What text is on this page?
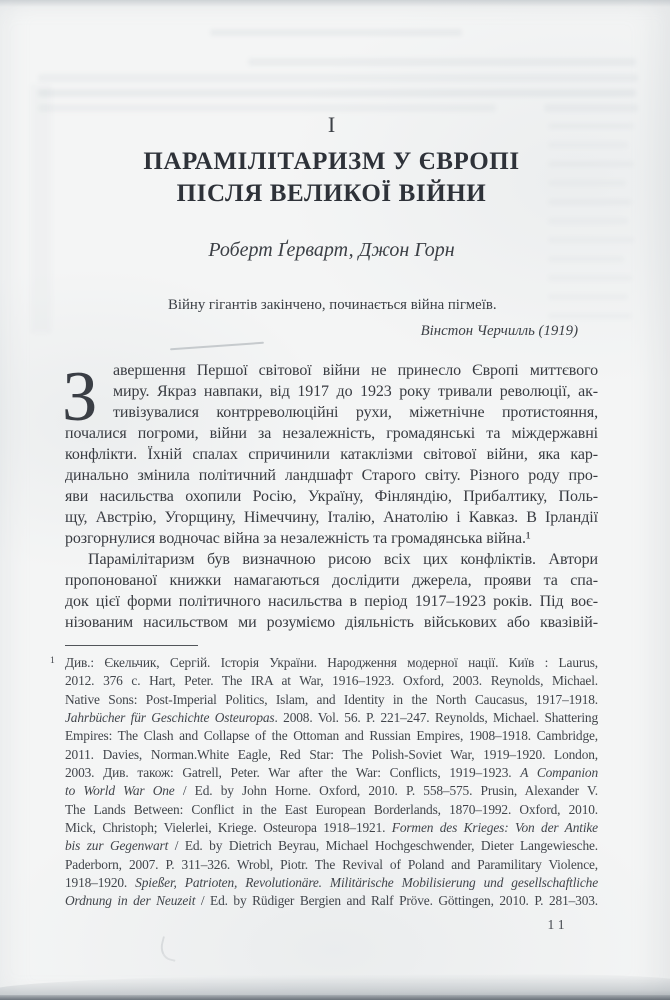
I
ПАРАМІЛІТАРИЗМ У ЄВРОПІ
ПІСЛЯ ВЕЛИКОЇ ВІЙНИ
Роберт Ґерварт, Джон Горн
Війну гігантів закінчено, починається війна пігмеїв.
Вінстон Черчилль (1919)
З авершення Першої світової війни не принесло Європі миттєвого
миру. Якраз навпаки, від 1917 до 1923 року тривали революції, ак-
тивізувалися контрреволюційні рухи, міжетнічне протистояння,
почалися погроми, війни за незалежність, громадянські та міждержавні
конфлікти. Їхній спалах спричинили катаклізми світової війни, яка кар-
динально змінила політичний ландшафт Старого світу. Різного роду про-
яви насильства охопили Росію, Україну, Фінляндію, Прибалтику, Поль-
щу, Австрію, Угорщину, Німеччину, Італію, Анатолію і Кавказ. В Ірландії
розгорнулися водночас війна за незалежність та громадянська війна.¹
Парамілітаризм був визначною рисою всіх цих конфліктів. Автори
пропонованої книжки намагаються дослідити джерела, прояви та спа-
док цієї форми політичного насильства в період 1917–1923 років. Під воє-
нізованим насильством ми розуміємо діяльність військових або квазівій-
1 Див.: Єкельчик, Сергій. Історія України. Народження модерної нації. Київ : Laurus,
2012. 376 с. Hart, Peter. The IRA at War, 1916–1923. Oxford, 2003. Reynolds, Michael.
Native Sons: Post-Imperial Politics, Islam, and Identity in the North Caucasus, 1917–1918.
Jahrbücher für Geschichte Osteuropas. 2008. Vol. 56. P. 221–247. Reynolds, Michael. Shattering
Empires: The Clash and Collapse of the Ottoman and Russian Empires, 1908–1918. Cambridge,
2011. Davies, Norman.White Eagle, Red Star: The Polish-Soviet War, 1919–1920. London,
2003. Див. також: Gatrell, Peter. War after the War: Conflicts, 1919–1923. A Companion
to World War One / Ed. by John Horne. Oxford, 2010. P. 558–575. Prusin, Alexander V.
The Lands Between: Conflict in the East European Borderlands, 1870–1992. Oxford, 2010.
Mick, Christoph; Vielerlei, Kriege. Osteuropa 1918–1921. Formen des Krieges: Von der Antike
bis zur Gegenwart / Ed. by Dietrich Beyrau, Michael Hochgeschwender, Dieter Langewiesche.
Paderborn, 2007. P. 311–326. Wrobl, Piotr. The Revival of Poland and Paramilitary Violence,
1918–1920. Spießer, Patrioten, Revolutionäre. Militärische Mobilisierung und gesellschaftliche
Ordnung in der Neuzeit / Ed. by Rüdiger Bergien and Ralf Pröve. Göttingen, 2010. P. 281–303.
11
